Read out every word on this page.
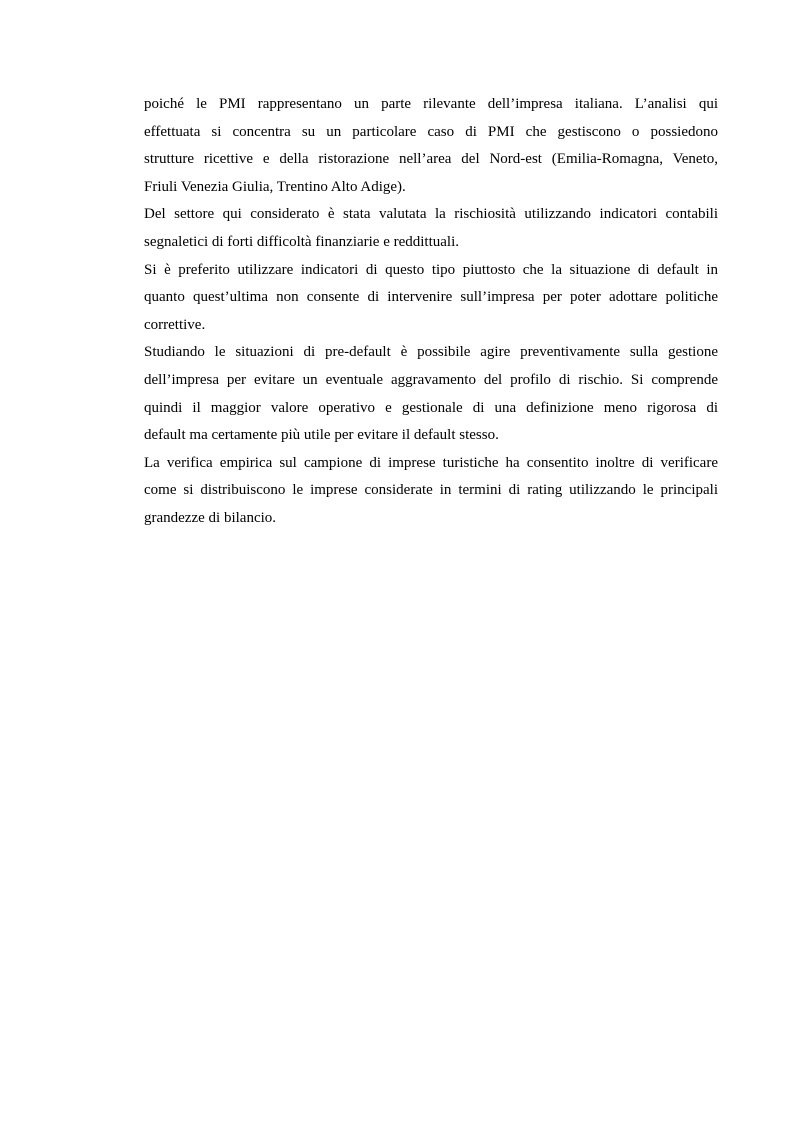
poiché le PMI rappresentano un parte rilevante dell’impresa italiana. L’analisi qui
effettuata si concentra su un particolare caso di PMI che gestiscono o possiedono
strutture ricettive e della ristorazione nell’area del Nord-est (Emilia-Romagna, Veneto,
Friuli Venezia Giulia, Trentino Alto Adige).
Del settore qui considerato è stata valutata la rischiosità utilizzando indicatori contabili
segnaletici di forti difficoltà finanziarie e reddittuali.
Si è preferito utilizzare indicatori di questo tipo piuttosto che la situazione di default in
quanto quest’ultima non consente di intervenire sull’impresa per poter adottare politiche
correttive.
Studiando le situazioni di pre-default è possibile agire preventivamente sulla gestione
dell’impresa per evitare un eventuale aggravamento del profilo di rischio. Si comprende
quindi il maggior valore operativo e gestionale di una definizione meno rigorosa di
default ma certamente più utile per evitare il default stesso.
La verifica empirica sul campione di imprese turistiche ha consentito inoltre di verificare
come si distribuiscono le imprese considerate in termini di rating utilizzando le principali
grandezze di bilancio.
